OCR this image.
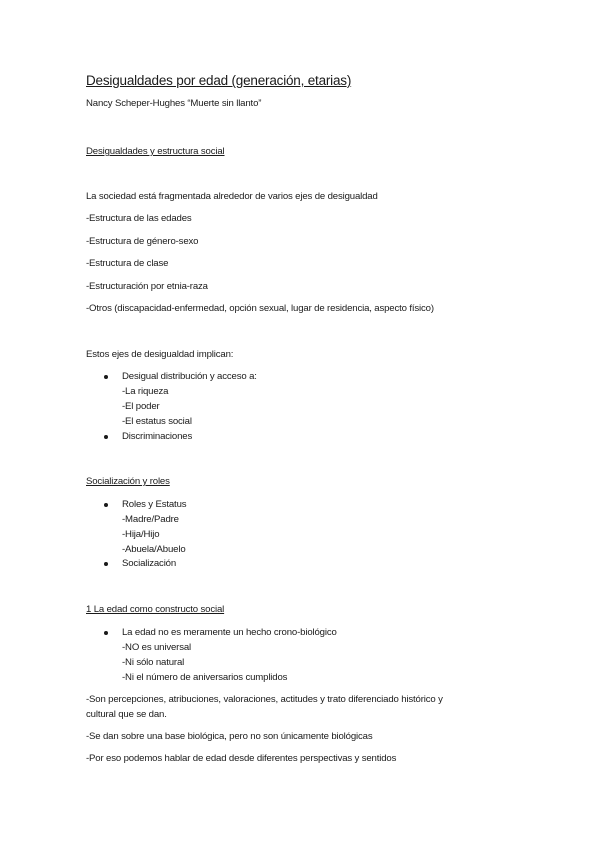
Desigualdades por edad (generación, etarias)
Nancy Scheper-Hughes “Muerte sin llanto”
Desigualdades y estructura social
La sociedad está fragmentada alrededor de varios ejes de desigualdad
-Estructura de las edades
-Estructura de género-sexo
-Estructura de clase
-Estructuración por etnia-raza
-Otros (discapacidad-enfermedad, opción sexual, lugar de residencia, aspecto físico)
Estos ejes de desigualdad implican:
Desigual distribución y acceso a:
-La riqueza
-El poder
-El estatus social
Discriminaciones
Socialización y roles
Roles y Estatus
-Madre/Padre
-Hija/Hijo
-Abuela/Abuelo
Socialización
1 La edad como constructo social
La edad no es meramente un hecho crono-biológico
-NO es universal
-Ni sólo natural
-Ni el número de aniversarios cumplidos
-Son percepciones, atribuciones, valoraciones, actitudes y trato diferenciado histórico y
cultural que se dan.
-Se dan sobre una base biológica, pero no son únicamente biológicas
-Por eso podemos hablar de edad desde diferentes perspectivas y sentidos
